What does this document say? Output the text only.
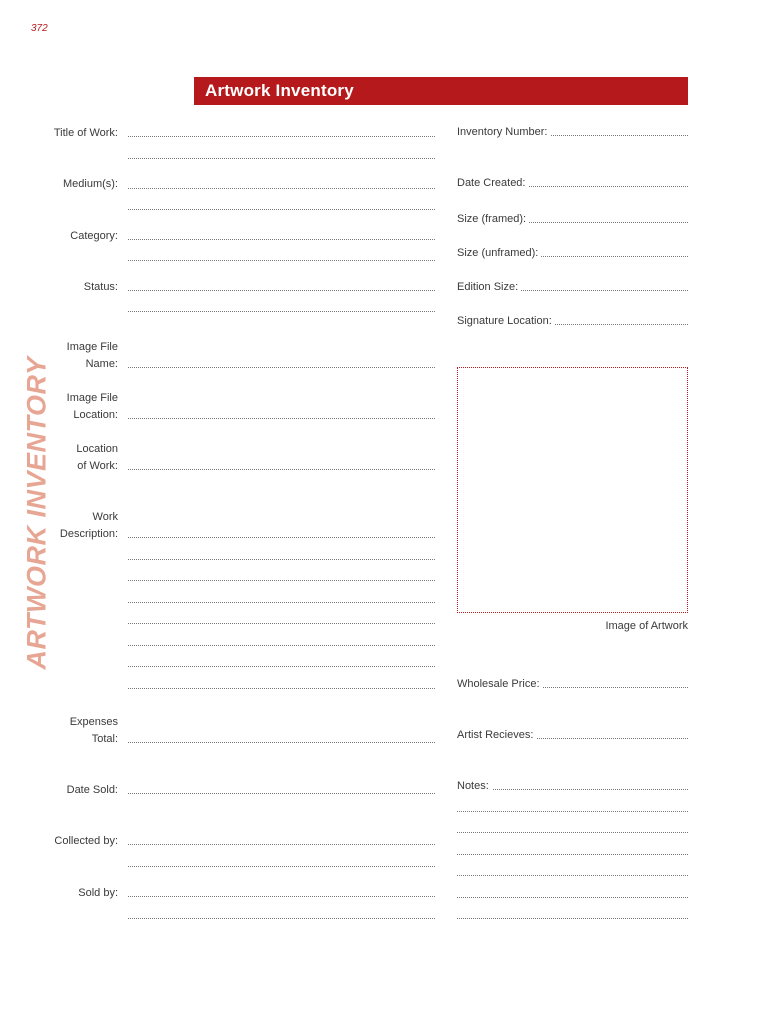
372
Artwork Inventory
ARTWORK INVENTORY
Title of Work:
Medium(s):
Category:
Status:
Image File
Name:
Image File
Location:
Location
of Work:
Work
Description:
Expenses
Total:
Date Sold:
Collected by:
Sold by:
Inventory Number:
Date Created:
Size (framed):
Size (unframed):
Edition Size:
Signature Location:
Image of Artwork
Wholesale Price:
Artist Recieves:
Notes:
